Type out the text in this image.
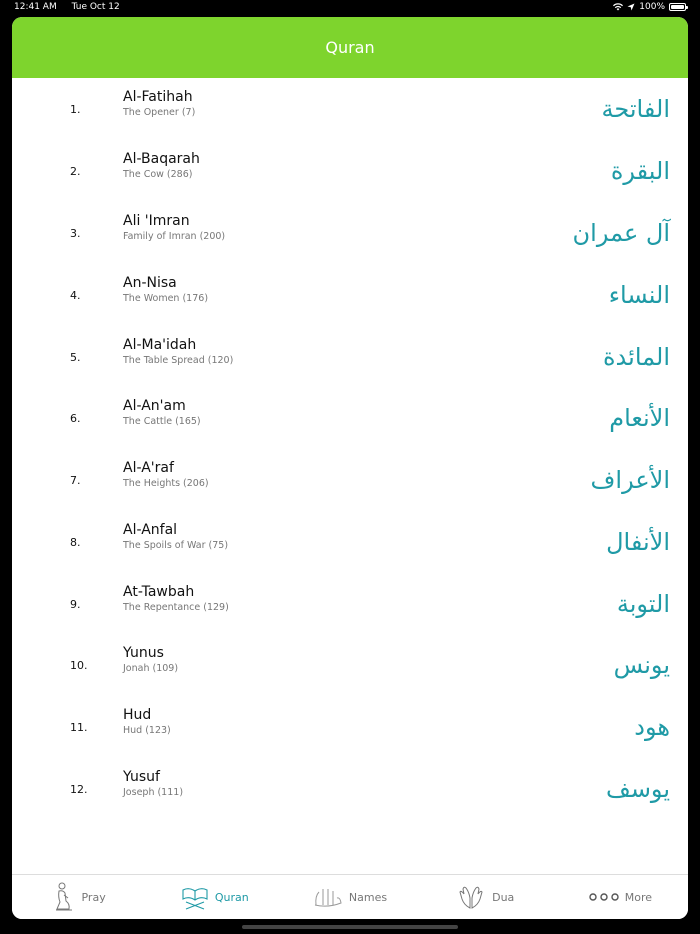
12:41 AM Tue Oct 12	100%
Quran
1.
Al-Fatihah
The Opener (7)	الفاتحة
2.
Al-Baqarah
The Cow (286)	البقرة
3.
Ali 'Imran
Family of Imran (200)	آل عمران
4.
An-Nisa
The Women (176)	النساء
5.
Al-Ma'idah
The Table Spread (120)	المائدة
6.
Al-An'am
The Cattle (165)	الأنعام
7.
Al-A'raf
The Heights (206)	الأعراف
8.
Al-Anfal
The Spoils of War (75)	الأنفال
9.
At-Tawbah
The Repentance (129)	التوبة
10.
Yunus
Jonah (109)	يونس
11.
Hud
Hud (123)	هود
12.
Yusuf
Joseph (111)	يوسف
Pray	Quran	Names	Dua	More
